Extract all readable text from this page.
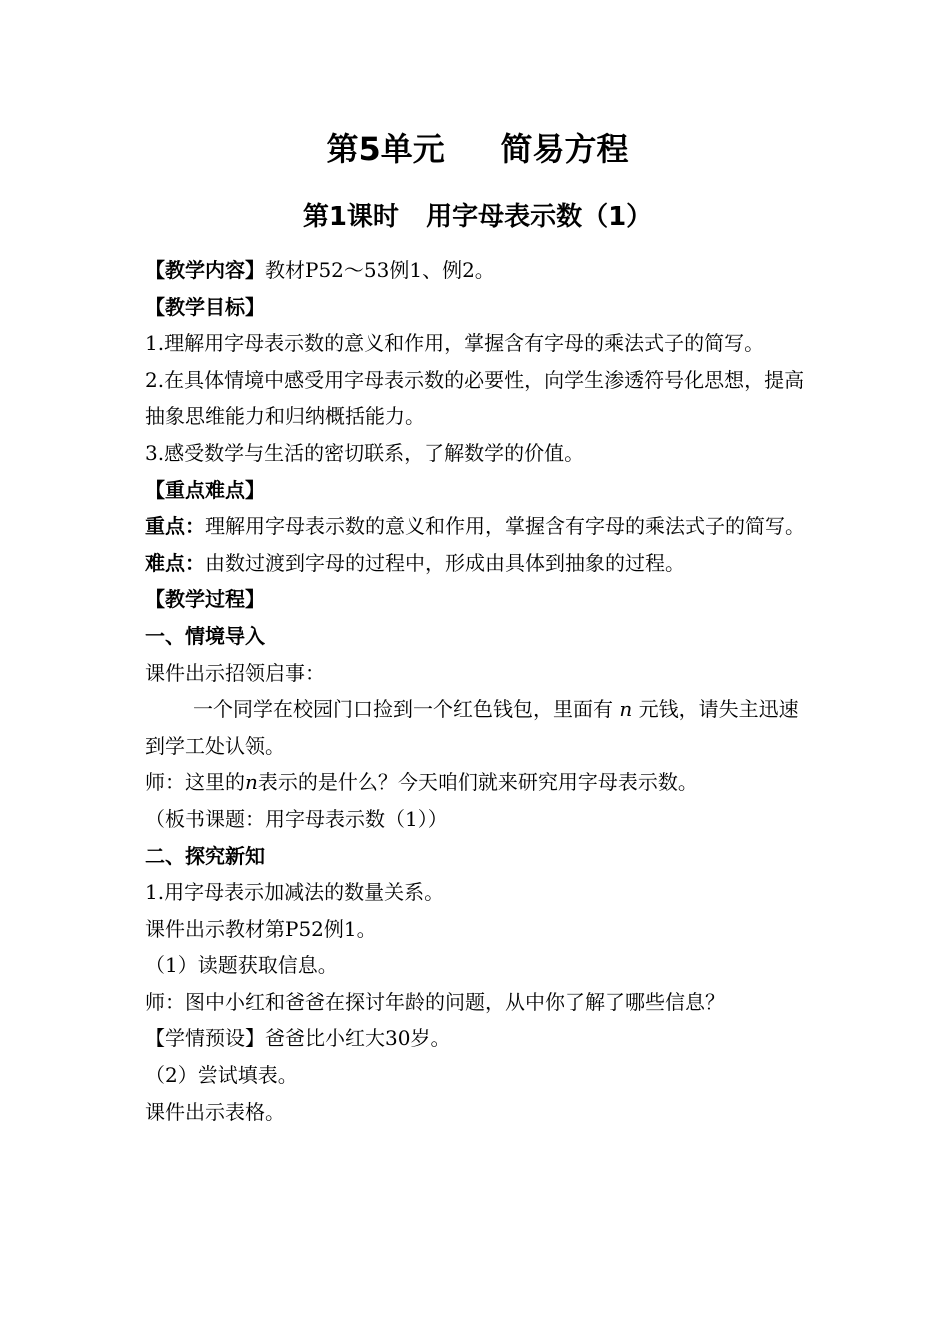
第5单元     简易方程
第1课时   用字母表示数（1）

【教学内容】教材P52～53例1、例2。

【教学目标】

1.理解用字母表示数的意义和作用，掌握含有字母的乘法式子的简写。

2.在具体情境中感受用字母表示数的必要性，向学生渗透符号化思想，提高抽象思维能力和归纳概括能力。

3.感受数学与生活的密切联系，了解数学的价值。

【重点难点】

重点：理解用字母表示数的意义和作用，掌握含有字母的乘法式子的简写。

难点：由数过渡到字母的过程中，形成由具体到抽象的过程。

【教学过程】

一、情境导入

课件出示招领启事：

一个同学在校园门口捡到一个红色钱包，里面有 n 元钱，请失主迅速到学工处认领。

师：这里的n表示的是什么？今天咱们就来研究用字母表示数。

（板书课题：用字母表示数（1））

二、探究新知

1.用字母表示加减法的数量关系。

课件出示教材第P52例1。

（1）读题获取信息。

师：图中小红和爸爸在探讨年龄的问题，从中你了解了哪些信息？

【学情预设】爸爸比小红大30岁。

（2）尝试填表。

课件出示表格。
